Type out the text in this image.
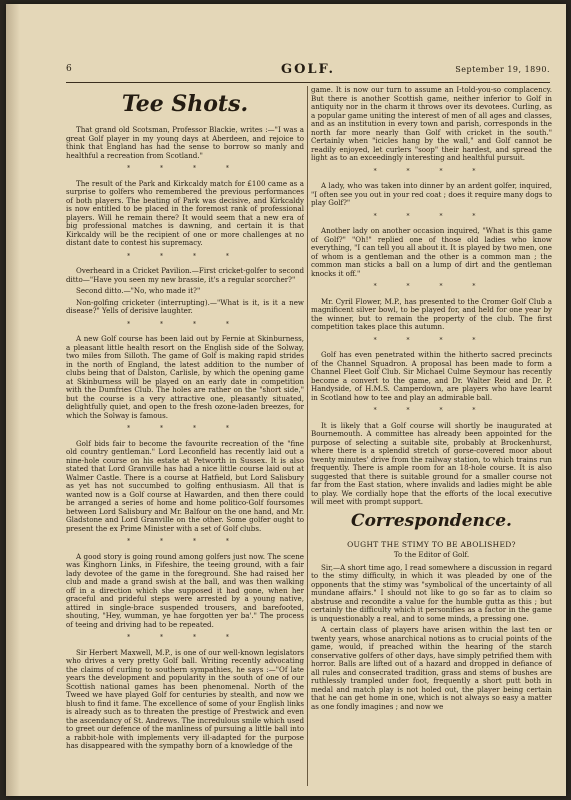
6	GOLF.	September 19, 1890.
Tee Shots.

That grand old Scotsman, Professor Blackie, writes :—"I was a great Golf player in my young days at Aberdeen, and rejoice to think that England has had the sense to borrow so manly and healthful a recreation from Scotland."

* * * *

The result of the Park and Kirkcaldy match for £100 came as a surprise to golfers who remembered the previous performances of both players. The beating of Park was decisive, and Kirkcaldy is now entitled to be placed in the foremost rank of professional players. Will he remain there? It would seem that a new era of big professional matches is dawning, and certain it is that Kirkcaldy will be the recipient of one or more challenges at no distant date to contest his supremacy.

* * * *

Overheard in a Cricket Pavilion.—First cricket-golfer to second ditto—"Have you seen my new brassie, it's a regular scorcher?"

Second ditto.—"No, who made it?"

Non-golfing cricketer (interrupting).—"What is it, is it a new disease?" Yells of derisive laughter.

* * * *

A new Golf course has been laid out by Fernie at Skinburness, a pleasant little health resort on the English side of the Solway, two miles from Silloth. The game of Golf is making rapid strides in the north of England, the latest addition to the number of clubs being that of Dalston, Carlisle, by which the opening game at Skinburness will be played on an early date in competition with the Dumfries Club. The holes are rather on the "short side," but the course is a very attractive one, pleasantly situated, delightfully quiet, and open to the fresh ozone-laden breezes, for which the Solway is famous.

* * * *

Golf bids fair to become the favourite recreation of the "fine old country gentleman." Lord Leconfield has recently laid out a nine-hole course on his estate at Petworth in Sussex. It is also stated that Lord Granville has had a nice little course laid out at Walmer Castle. There is a course at Hatfield, but Lord Salisbury as yet has not succumbed to golfing enthusiasm. All that is wanted now is a Golf course at Hawarden, and then there could be arranged a series of home and home politico-Golf foursomes between Lord Salisbury and Mr. Balfour on the one hand, and Mr. Gladstone and Lord Granville on the other. Some golfer ought to present the ex Prime Minister with a set of Golf clubs.

* * * *

A good story is going round among golfers just now. The scene was Kinghorn Links, in Fifeshire, the teeing ground, with a fair lady devotee of the game in the foreground. She had raised her club and made a grand swish at the ball, and was then walking off in a direction which she supposed it had gone, when her graceful and prideful steps were arrested by a young native, attired in single-brace suspended trousers, and barefooted, shouting, "Hey, wumman, ye hae forgotten yer ba'." The process of teeing and driving had to be repeated.

* * * *

Sir Herbert Maxwell, M.P., is one of our well-known legislators who drives a very pretty Golf ball. Writing recently advocating the claims of curling to southern sympathies, he says :—"Of late years the development and popularity in the south of one of our Scottish national games has been phenomenal. North of the Tweed we have played Golf for centuries by stealth, and now we blush to find it fame. The excellence of some of your English links is already such as to threaten the prestige of Prestwick and even the ascendancy of St. Andrews. The incredulous smile which used to greet our defence of the manliness of pursuing a little ball into a rabbit-hole with implements very ill-adapted for the purpose has disappeared with the sympathy born of a knowledge of the

game. It is now our turn to assume an I-told-you-so complacency. But there is another Scottish game, neither inferior to Golf in antiquity nor in the charm it throws over its devotees. Curling, as a popular game uniting the interest of men of all ages and classes, and as an institution in every town and parish, corresponds in the north far more nearly than Golf with cricket in the south." Certainly when "icicles hang by the wall," and Golf cannot be readily enjoyed, let curlers "soop" their hardest, and spread the light as to an exceedingly interesting and healthful pursuit.

* * * *

A lady, who was taken into dinner by an ardent golfer, inquired, "I often see you out in your red coat ; does it require many dogs to play Golf?"

* * * *

Another lady on another occasion inquired, "What is this game of Golf?" "Oh!" replied one of those old ladies who know everything, "I can tell you all about it. It is played by two men, one of whom is a gentleman and the other is a common man ; the common man sticks a ball on a lump of dirt and the gentleman knocks it off."

* * * *

Mr. Cyril Flower, M.P., has presented to the Cromer Golf Club a magnificent silver bowl, to be played for, and held for one year by the winner, but to remain the property of the club. The first competition takes place this autumn.

* * * *

Golf has even penetrated within the hitherto sacred precincts of the Channel Squadron. A proposal has been made to form a Channel Fleet Golf Club. Sir Michael Culme Seymour has recently become a convert to the game, and Dr. Walter Reid and Dr. P. Handyside, of H.M.S. Camperdown, are players who have learnt in Scotland how to tee and play an admirable ball.

* * * *

It is likely that a Golf course will shortly be inaugurated at Bournemouth. A committee has already been appointed for the purpose of selecting a suitable site, probably at Brockenhurst, where there is a splendid stretch of gorse-covered moor about twenty minutes' drive from the railway station, to which trains run frequently. There is ample room for an 18-hole course. It is also suggested that there is suitable ground for a smaller course not far from the East station, where invalids and ladies might be able to play. We cordially hope that the efforts of the local executive will meet with prompt support.

Correspondence.
OUGHT THE STIMY TO BE ABOLISHED?
To the Editor of Golf.

Sir,—A short time ago, I read somewhere a discussion in regard to the stimy difficulty, in which it was pleaded by one of the opponents that the stimy was "symbolical of the uncertainty of all mundane affairs." I should not like to go so far as to claim so abstruse and recondite a value for the humble gutta as this ; but certainly the difficulty which it personifies as a factor in the game is unquestionably a real, and to some minds, a pressing one.

A certain class of players have arisen within the last ten or twenty years, whose anarchical notions as to crucial points of the game, would, if preached within the hearing of the starch conservative golfers of other days, have simply petrified them with horror. Balls are lifted out of a hazard and dropped in defiance of all rules and consecrated tradition, grass and stems of bushes are ruthlessly trampled under foot, frequently a short putt both in medal and match play is not holed out, the player being certain that he can get home in one, which is not always so easy a matter as one fondly imagines ; and now we
